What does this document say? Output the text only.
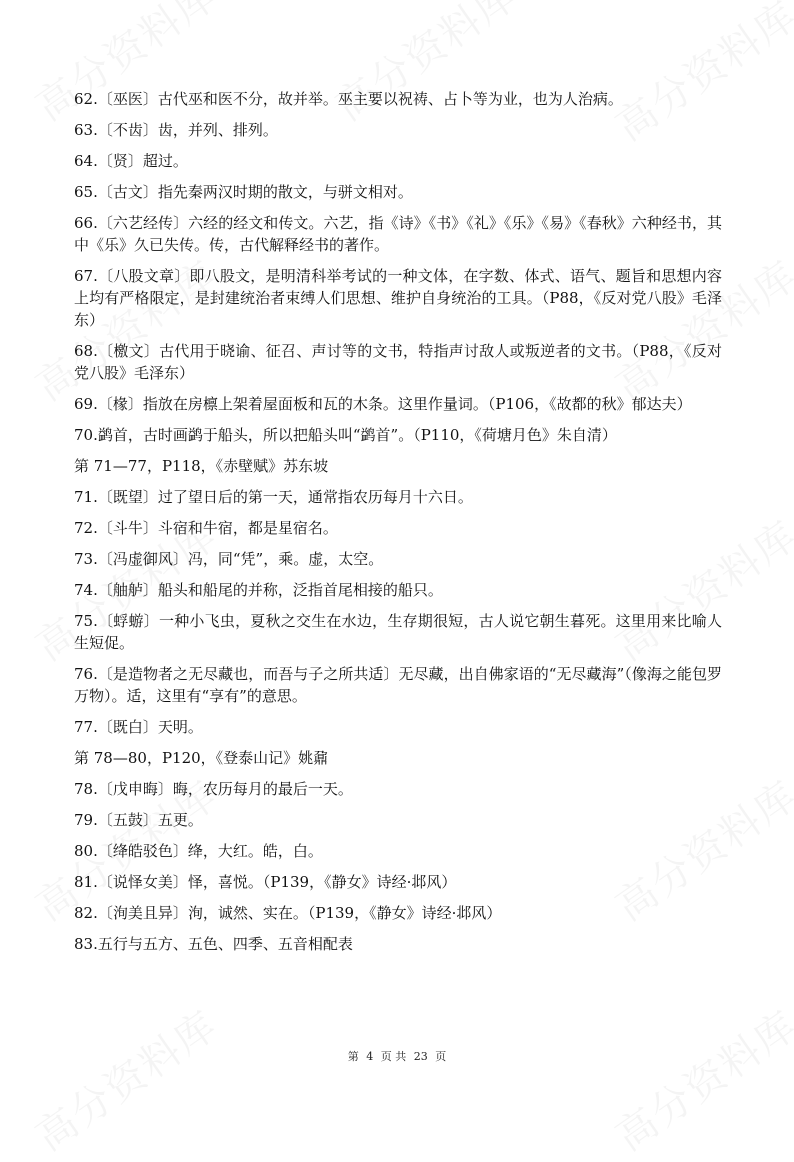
62.〔巫医〕古代巫和医不分，故并举。巫主要以祝祷、占卜等为业，也为人治病。

63.〔不齿〕齿，并列、排列。

64.〔贤〕超过。

65.〔古文〕指先秦两汉时期的散文，与骈文相对。

66.〔六艺经传〕六经的经文和传文。六艺，指《诗》《书》《礼》《乐》《易》《春秋》六种经书，其中《乐》久已失传。传，古代解释经书的著作。

67.〔八股文章〕即八股文，是明清科举考试的一种文体，在字数、体式、语气、题旨和思想内容上均有严格限定，是封建统治者束缚人们思想、维护自身统治的工具。（P88，《反对党八股》毛泽东）

68.〔檄文〕古代用于晓谕、征召、声讨等的文书，特指声讨敌人或叛逆者的文书。（P88，《反对党八股》毛泽东）

69.〔椽〕指放在房檩上架着屋面板和瓦的木条。这里作量词。（P106，《故都的秋》郁达夫）

70.鹢首，古时画鹢于船头，所以把船头叫“鹢首”。（P110，《荷塘月色》朱自清）

第 71—77，P118，《赤壁赋》苏东坡

71.〔既望〕过了望日后的第一天，通常指农历每月十六日。

72.〔斗牛〕斗宿和牛宿，都是星宿名。

73.〔冯虚御风〕冯，同“凭”，乘。虚，太空。

74.〔舳舻〕船头和船尾的并称，泛指首尾相接的船只。

75.〔蜉蝣〕一种小飞虫，夏秋之交生在水边，生存期很短，古人说它朝生暮死。这里用来比喻人生短促。

76.〔是造物者之无尽藏也，而吾与子之所共适〕无尽藏，出自佛家语的“无尽藏海”（像海之能包罗万物）。适，这里有“享有”的意思。

77.〔既白〕天明。

第 78—80，P120，《登泰山记》姚鼐

78.〔戊申晦〕晦，农历每月的最后一天。

79.〔五鼓〕五更。

80.〔绛皓驳色〕绛，大红。皓，白。

81.〔说怿女美〕怿，喜悦。（P139，《静女》诗经·邶风）

82.〔洵美且异〕洵，诚然、实在。（P139，《静女》诗经·邶风）

83.五行与五方、五色、四季、五音相配表

第 4 页 共 23 页
